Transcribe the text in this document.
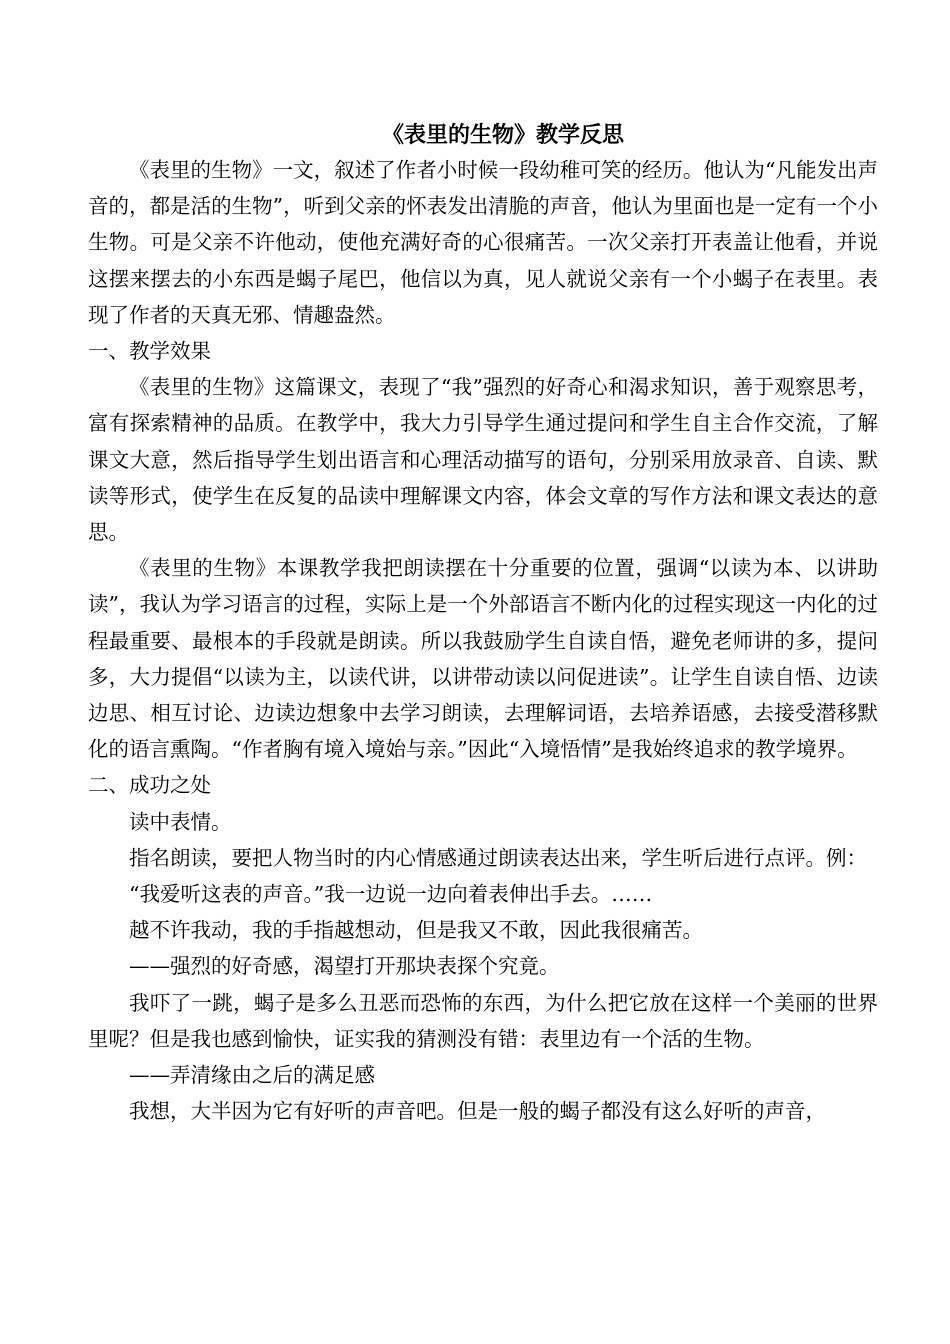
《表里的生物》教学反思

《表里的生物》一文，叙述了作者小时候一段幼稚可笑的经历。他认为“凡能发出声音的，都是活的生物”，听到父亲的怀表发出清脆的声音，他认为里面也是一定有一个小生物。可是父亲不许他动，使他充满好奇的心很痛苦。一次父亲打开表盖让他看，并说这摆来摆去的小东西是蝎子尾巴，他信以为真，见人就说父亲有一个小蝎子在表里。表现了作者的天真无邪、情趣盎然。

一、教学效果

《表里的生物》这篇课文，表现了“我”强烈的好奇心和渴求知识，善于观察思考，富有探索精神的品质。在教学中，我大力引导学生通过提问和学生自主合作交流，了解课文大意，然后指导学生划出语言和心理活动描写的语句，分别采用放录音、自读、默读等形式，使学生在反复的品读中理解课文内容，体会文章的写作方法和课文表达的意思。

《表里的生物》本课教学我把朗读摆在十分重要的位置，强调“以读为本、以讲助读”，我认为学习语言的过程，实际上是一个外部语言不断内化的过程实现这一内化的过程最重要、最根本的手段就是朗读。所以我鼓励学生自读自悟，避免老师讲的多，提问多，大力提倡“以读为主，以读代讲，以讲带动读以问促进读”。让学生自读自悟、边读边思、相互讨论、边读边想象中去学习朗读，去理解词语，去培养语感，去接受潜移默化的语言熏陶。“作者胸有境入境始与亲。”因此“入境悟情”是我始终追求的教学境界。

二、成功之处

读中表情。

指名朗读，要把人物当时的内心情感通过朗读表达出来，学生听后进行点评。例：

“我爱听这表的声音。”我一边说一边向着表伸出手去。……

越不许我动，我的手指越想动，但是我又不敢，因此我很痛苦。

——强烈的好奇感，渴望打开那块表探个究竟。

我吓了一跳，蝎子是多么丑恶而恐怖的东西，为什么把它放在这样一个美丽的世界里呢？但是我也感到愉快，证实我的猜测没有错：表里边有一个活的生物。

——弄清缘由之后的满足感

我想，大半因为它有好听的声音吧。但是一般的蝎子都没有这么好听的声音，
